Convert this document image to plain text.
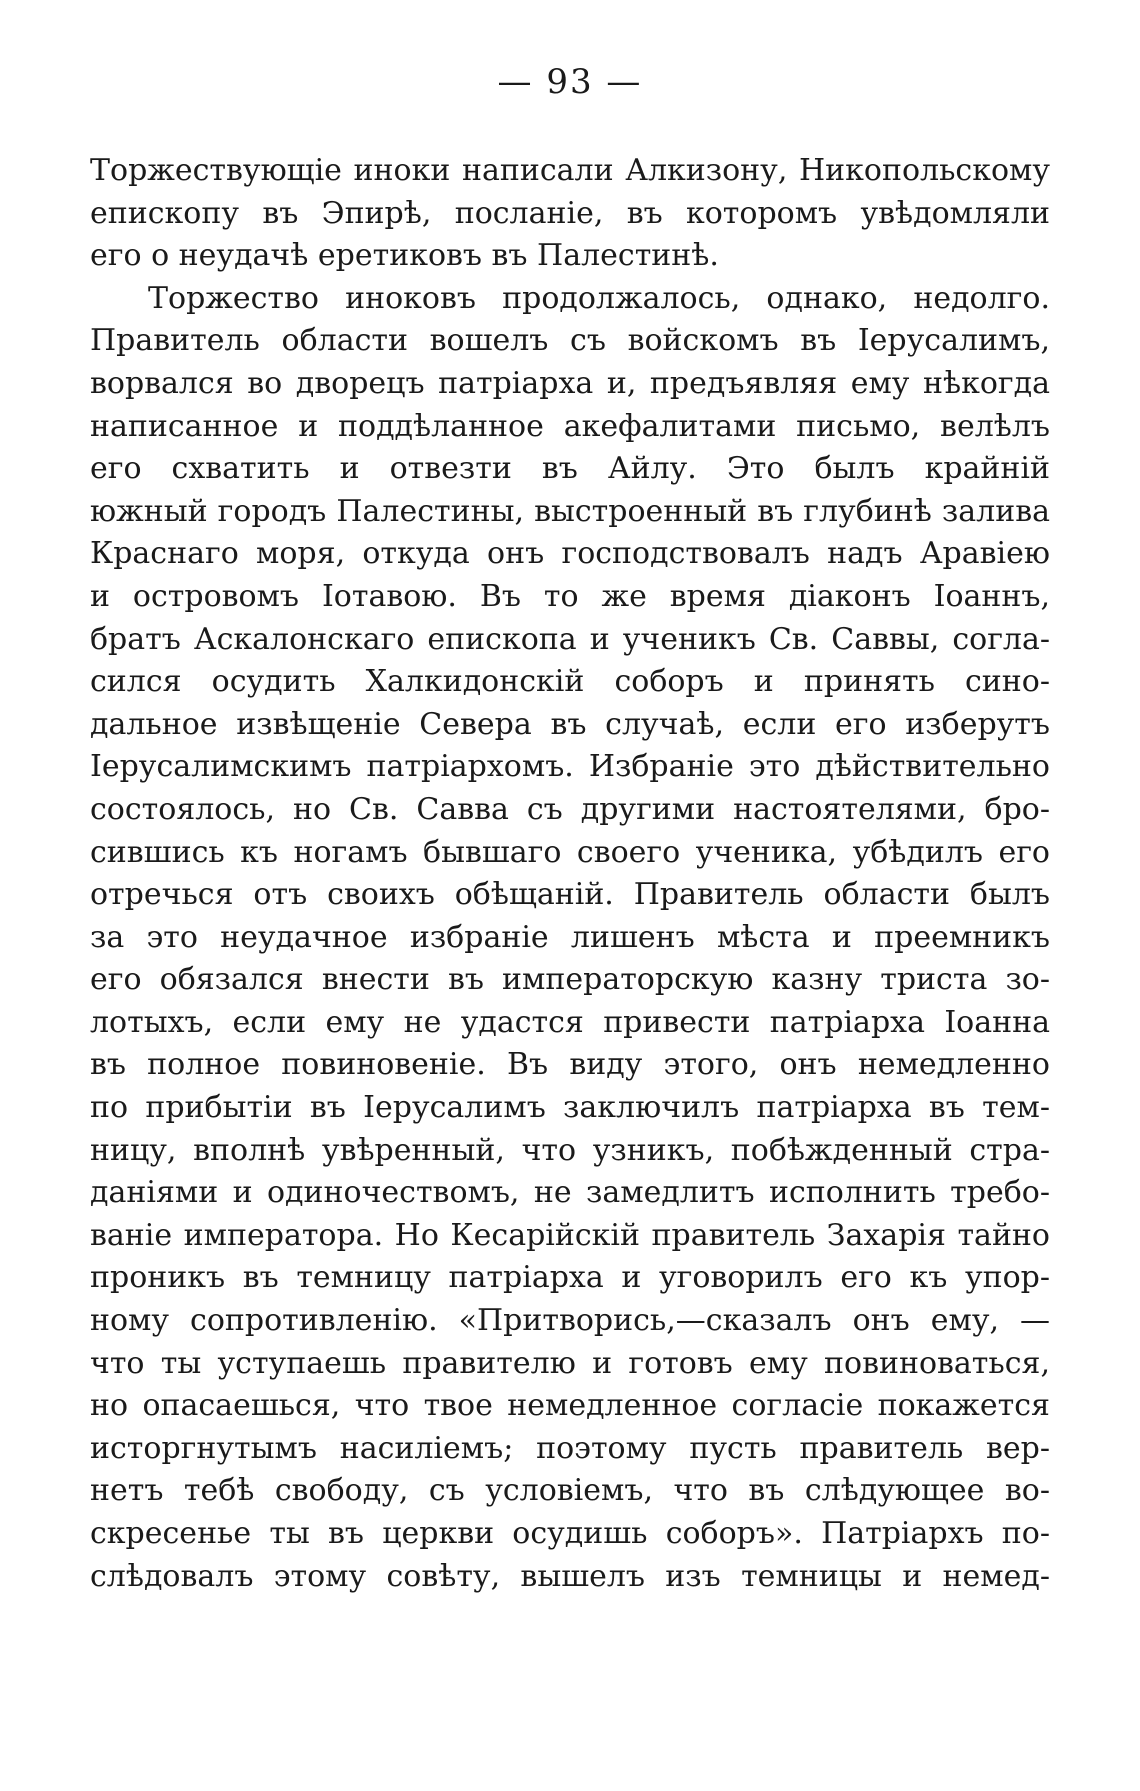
— 93 —
Торжествующіе иноки написали Алкизону, Никопольскому
епископу въ Эпирѣ, посланіе, въ которомъ увѣдомляли
его о неудачѣ еретиковъ въ Палестинѣ.
Торжество иноковъ продолжалось, однако, недолго.
Правитель области вошелъ съ войскомъ въ Іерусалимъ,
ворвался во дворецъ патріарха и, предъявляя ему нѣкогда
написанное и поддѣланное акефалитами письмо, велѣлъ
его схватить и отвезти въ Айлу. Это былъ крайній
южный городъ Палестины, выстроенный въ глубинѣ залива
Краснаго моря, откуда онъ господствовалъ надъ Аравіею
и островомъ Іотавою. Въ то же время діаконъ Іоаннъ,
братъ Аскалонскаго епископа и ученикъ Св. Саввы, согла-
сился осудить Халкидонскій соборъ и принять сино-
дальное извѣщеніе Севера въ случаѣ, если его изберутъ
Іерусалимскимъ патріархомъ. Избраніе это дѣйствительно
состоялось, но Св. Савва съ другими настоятелями, бро-
сившись къ ногамъ бывшаго своего ученика, убѣдилъ его
отречься отъ своихъ обѣщаній. Правитель области былъ
за это неудачное избраніе лишенъ мѣста и преемникъ
его обязался внести въ императорскую казну триста зо-
лотыхъ, если ему не удастся привести патріарха Іоанна
въ полное повиновеніе. Въ виду этого, онъ немедленно
по прибытіи въ Іерусалимъ заключилъ патріарха въ тем-
ницу, вполнѣ увѣренный, что узникъ, побѣжденный стра-
даніями и одиночествомъ, не замедлитъ исполнить требо-
ваніе императора. Но Кесарійскій правитель Захарія тайно
проникъ въ темницу патріарха и уговорилъ его къ упор-
ному сопротивленію. «Притворись,—сказалъ онъ ему, —
что ты уступаешь правителю и готовъ ему повиноваться,
но опасаешься, что твое немедленное согласіе покажется
исторгнутымъ насиліемъ; поэтому пусть правитель вер-
нетъ тебѣ свободу, съ условіемъ, что въ слѣдующее во-
скресенье ты въ церкви осудишь соборъ». Патріархъ по-
слѣдовалъ этому совѣту, вышелъ изъ темницы и немед-
